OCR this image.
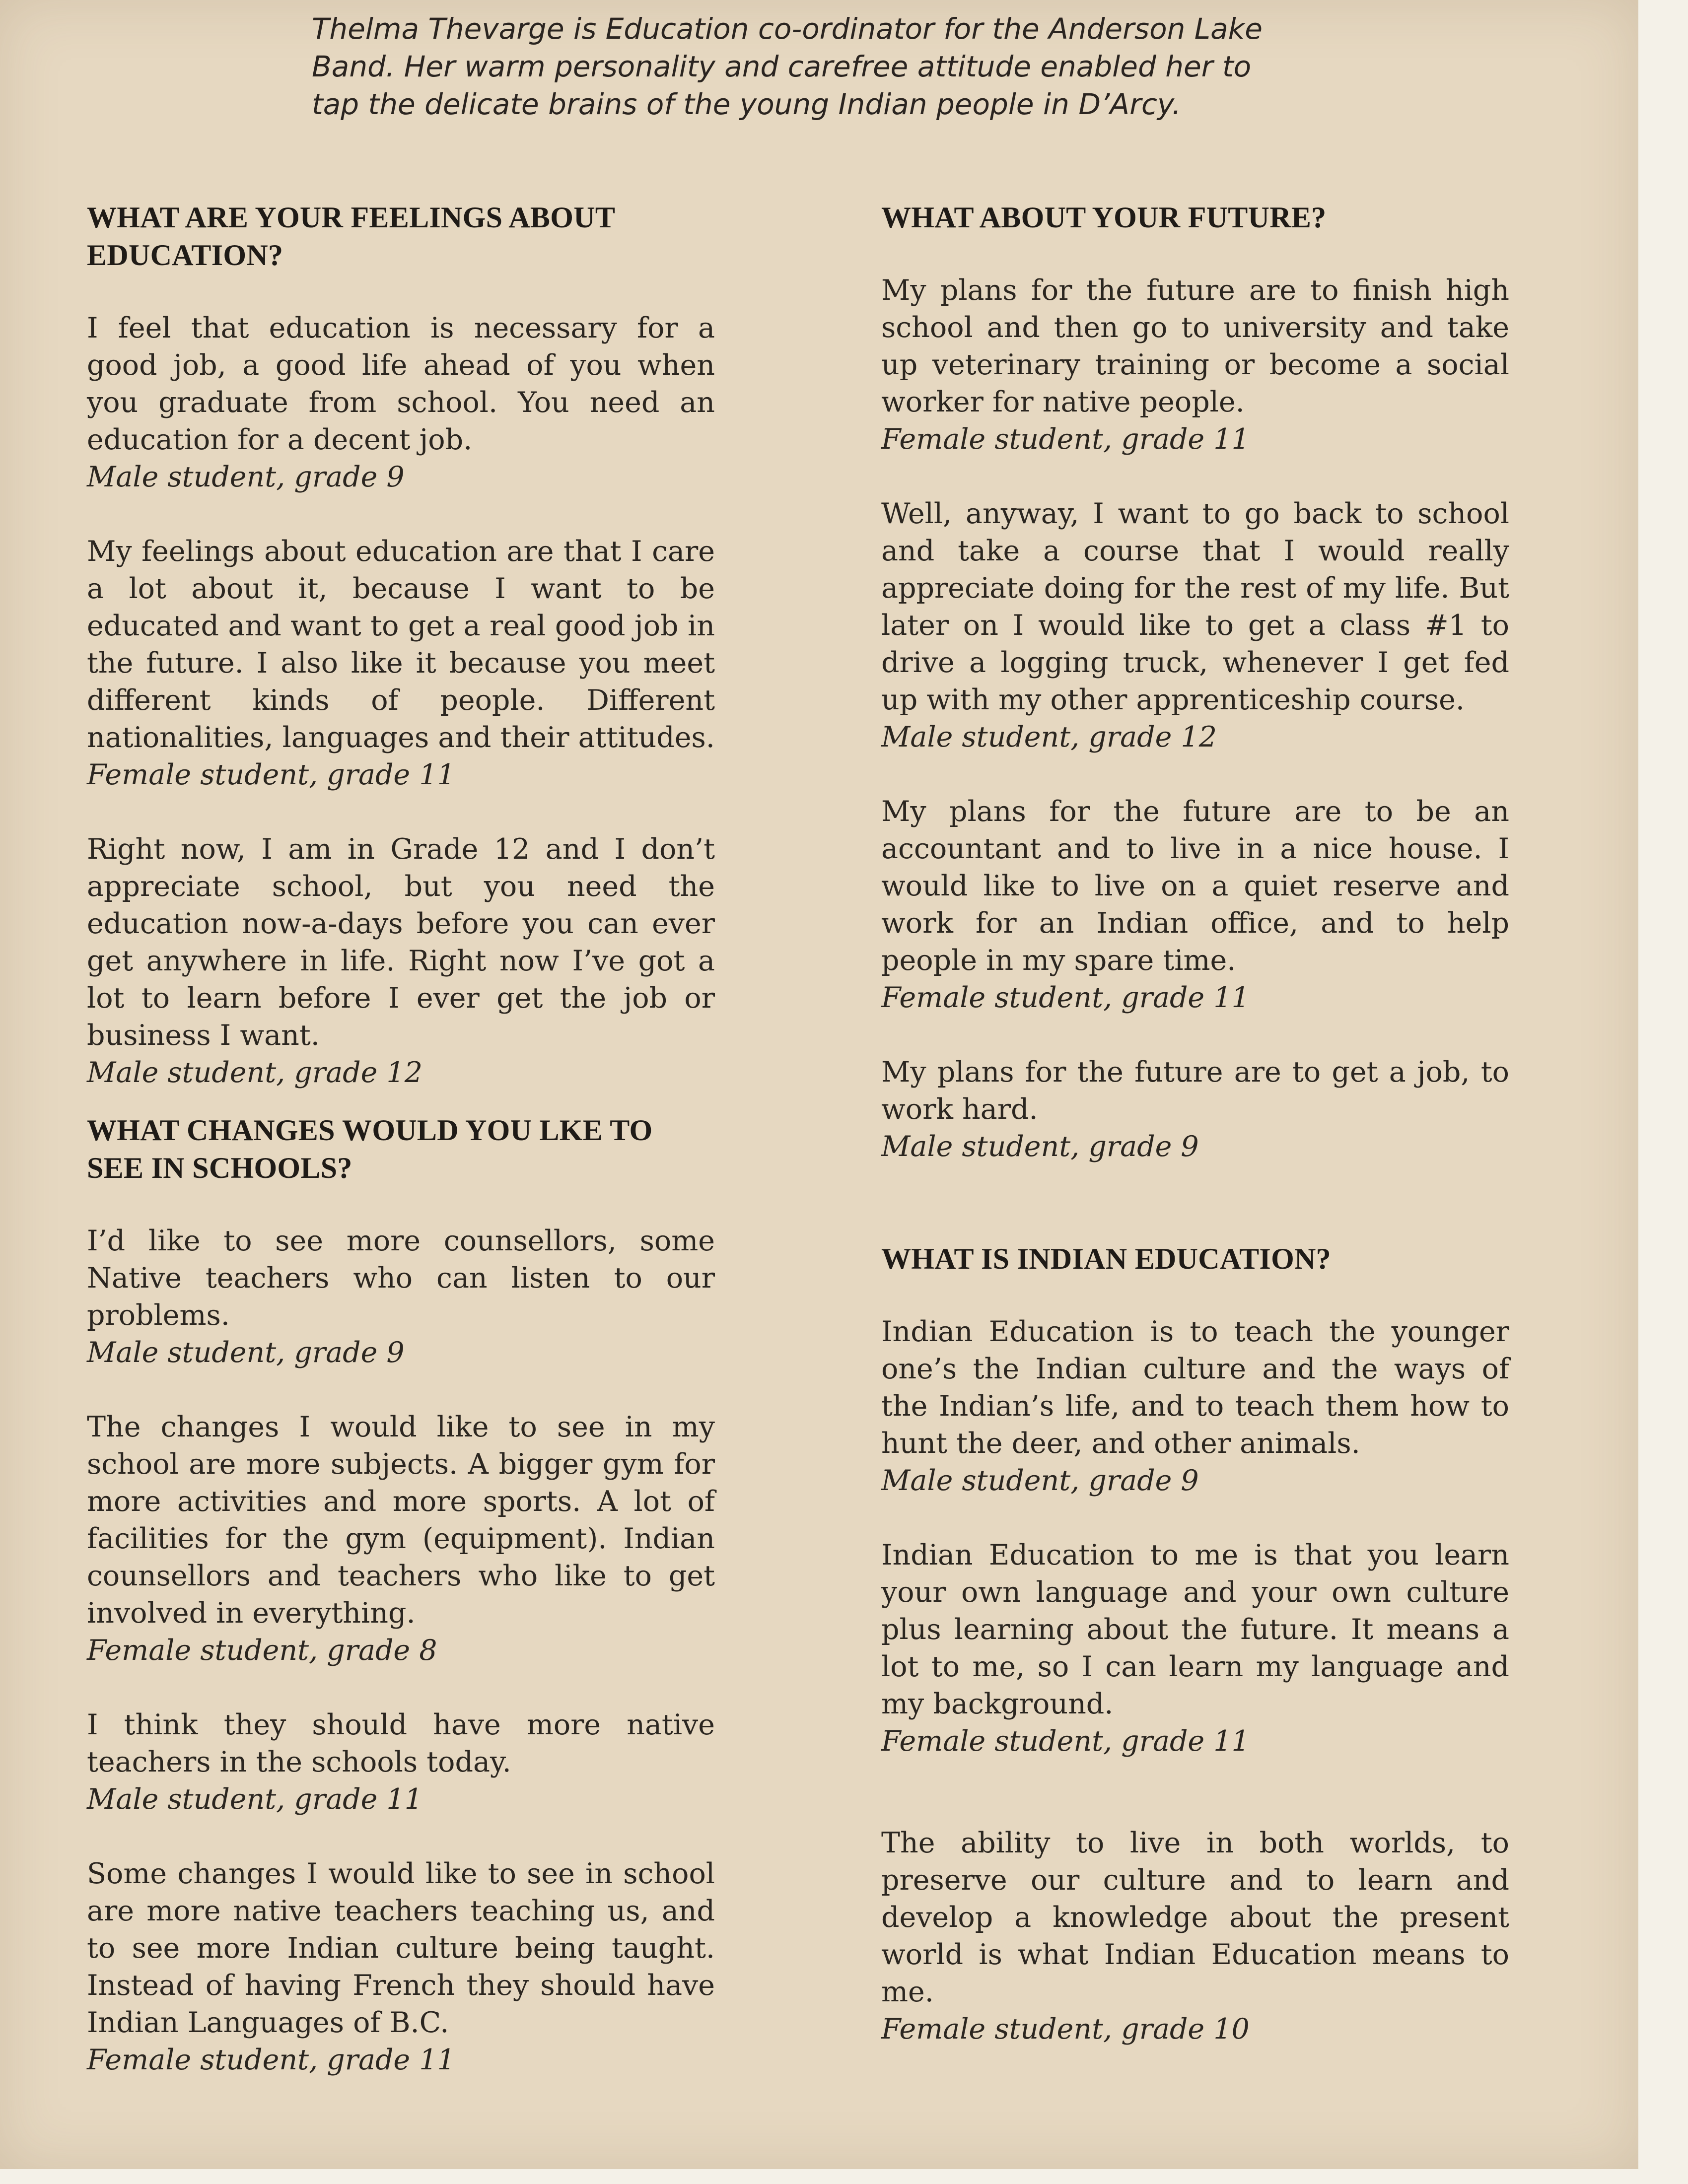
Thelma Thevarge is Education co-ordinator for the Anderson Lake Band. Her warm personality and carefree attitude enabled her to tap the delicate brains of the young Indian people in D’Arcy.
WHAT ARE YOUR FEELINGS ABOUT EDUCATION?
I feel that education is necessary for a good job, a good life ahead of you when you graduate from school. You need an education for a decent job.
Male student, grade 9
My feelings about education are that I care a lot about it, because I want to be educated and want to get a real good job in the future. I also like it because you meet different kinds of people. Different nationalities, languages and their attitudes.
Female student, grade 11
Right now, I am in Grade 12 and I don’t appreciate school, but you need the education now-a-days before you can ever get anywhere in life. Right now I’ve got a lot to learn before I ever get the job or business I want.
Male student, grade 12
WHAT CHANGES WOULD YOU LKE TO SEE IN SCHOOLS?
I’d like to see more counsellors, some Native teachers who can listen to our problems.
Male student, grade 9
The changes I would like to see in my school are more subjects. A bigger gym for more activities and more sports. A lot of facilities for the gym (equipment). Indian counsellors and teachers who like to get involved in everything.
Female student, grade 8
I think they should have more native teachers in the schools today.
Male student, grade 11
Some changes I would like to see in school are more native teachers teaching us, and to see more Indian culture being taught. Instead of having French they should have Indian Languages of B.C.
Female student, grade 11
WHAT ABOUT YOUR FUTURE?
My plans for the future are to finish high school and then go to university and take up veterinary training or become a social worker for native people.
Female student, grade 11
Well, anyway, I want to go back to school and take a course that I would really appreciate doing for the rest of my life. But later on I would like to get a class #1 to drive a logging truck, whenever I get fed up with my other apprenticeship course.
Male student, grade 12
My plans for the future are to be an accountant and to live in a nice house. I would like to live on a quiet reserve and work for an Indian office, and to help people in my spare time.
Female student, grade 11
My plans for the future are to get a job, to work hard.
Male student, grade 9
WHAT IS INDIAN EDUCATION?
Indian Education is to teach the younger one’s the Indian culture and the ways of the Indian’s life, and to teach them how to hunt the deer, and other animals.
Male student, grade 9
Indian Education to me is that you learn your own language and your own culture plus learning about the future. It means a lot to me, so I can learn my language and my background.
Female student, grade 11
The ability to live in both worlds, to preserve our culture and to learn and develop a knowledge about the present world is what Indian Education means to me.
Female student, grade 10
